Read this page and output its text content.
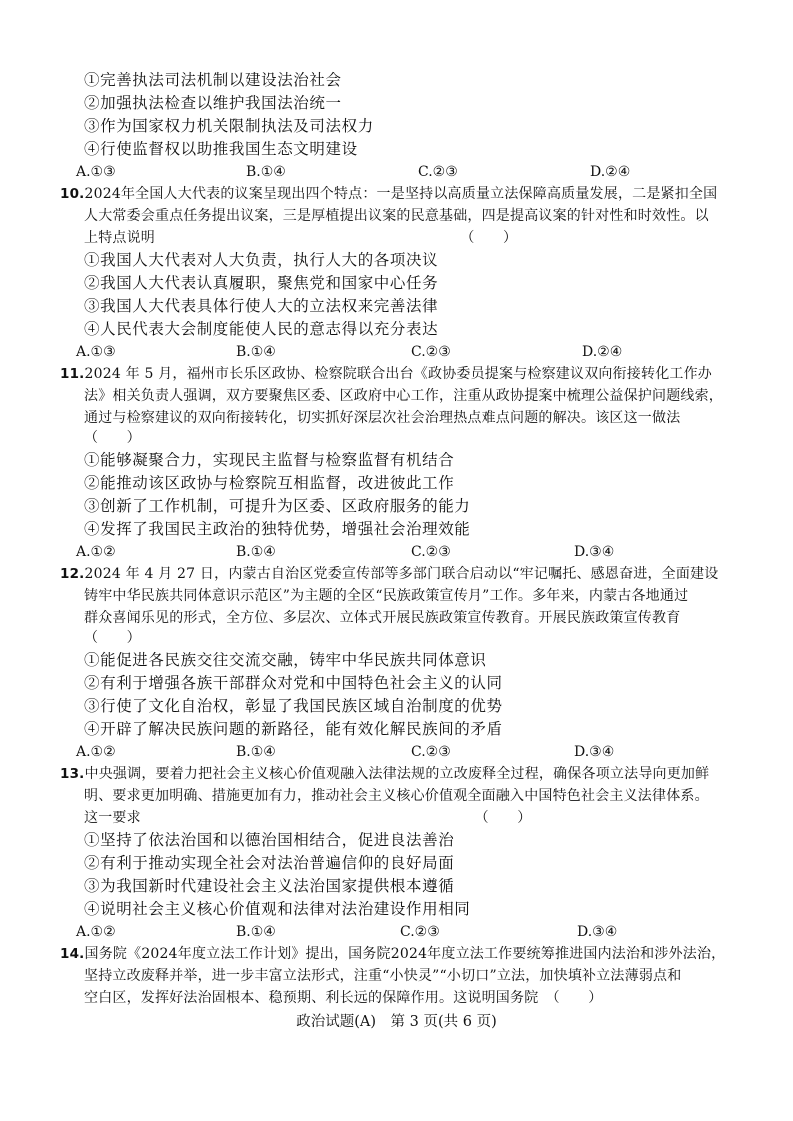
①完善执法司法机制以建设法治社会
②加强执法检查以维护我国法治统一
③作为国家权力机关限制执法及司法权力
④行使监督权以助推我国生态文明建设
A.①③	B.①④	C.②③	D.②④
10.2024年全国人大代表的议案呈现出四个特点：一是坚持以高质量立法保障高质量发展，二是紧扣全国
人大常委会重点任务提出议案，三是厚植提出议案的民意基础，四是提高议案的针对性和时效性。以
上特点说明　　　　　　　　　　　　　　　　　　　　　　（　　）
①我国人大代表对人大负责，执行人大的各项决议
②我国人大代表认真履职，聚焦党和国家中心任务
③我国人大代表具体行使人大的立法权来完善法律
④人民代表大会制度能使人民的意志得以充分表达
A.①③	B.①④	C.②③	D.②④
11.2024 年 5 月，福州市长乐区政协、检察院联合出台《政协委员提案与检察建议双向衔接转化工作办
法》相关负责人强调，双方要聚焦区委、区政府中心工作，注重从政协提案中梳理公益保护问题线索，
通过与检察建议的双向衔接转化，切实抓好深层次社会治理热点难点问题的解决。该区这一做法
（　　）
①能够凝聚合力，实现民主监督与检察监督有机结合
②能推动该区政协与检察院互相监督，改进彼此工作
③创新了工作机制，可提升为区委、区政府服务的能力
④发挥了我国民主政治的独特优势，增强社会治理效能
A.①②	B.①④	C.②③	D.③④
12.2024 年 4 月 27 日，内蒙古自治区党委宣传部等多部门联合启动以“牢记嘱托、感恩奋进，全面建设
铸牢中华民族共同体意识示范区”为主题的全区“民族政策宣传月”工作。多年来，内蒙古各地通过
群众喜闻乐见的形式，全方位、多层次、立体式开展民族政策宣传教育。开展民族政策宣传教育
（　　）
①能促进各民族交往交流交融，铸牢中华民族共同体意识
②有利于增强各族干部群众对党和中国特色社会主义的认同
③行使了文化自治权，彰显了我国民族区域自治制度的优势
④开辟了解决民族问题的新路径，能有效化解民族间的矛盾
A.①②	B.①④	C.②③	D.③④
13.中央强调，要着力把社会主义核心价值观融入法律法规的立改废释全过程，确保各项立法导向更加鲜
明、要求更加明确、措施更加有力，推动社会主义核心价值观全面融入中国特色社会主义法律体系。
这一要求　　　　　　　　　　　　　　　　　　　　　　　　（　　）
①坚持了依法治国和以德治国相结合，促进良法善治
②有利于推动实现全社会对法治普遍信仰的良好局面
③为我国新时代建设社会主义法治国家提供根本遵循
④说明社会主义核心价值观和法律对法治建设作用相同
A.①②	B.①④	C.②③	D.③④
14.国务院《2024年度立法工作计划》提出，国务院2024年度立法工作要统筹推进国内法治和涉外法治，
坚持立改废释并举，进一步丰富立法形式，注重“小快灵”“小切口”立法，加快填补立法薄弱点和
空白区，发挥好法治固根本、稳预期、利长远的保障作用。这说明国务院　（　　）
政治试题(A)　第 3 页(共 6 页)
